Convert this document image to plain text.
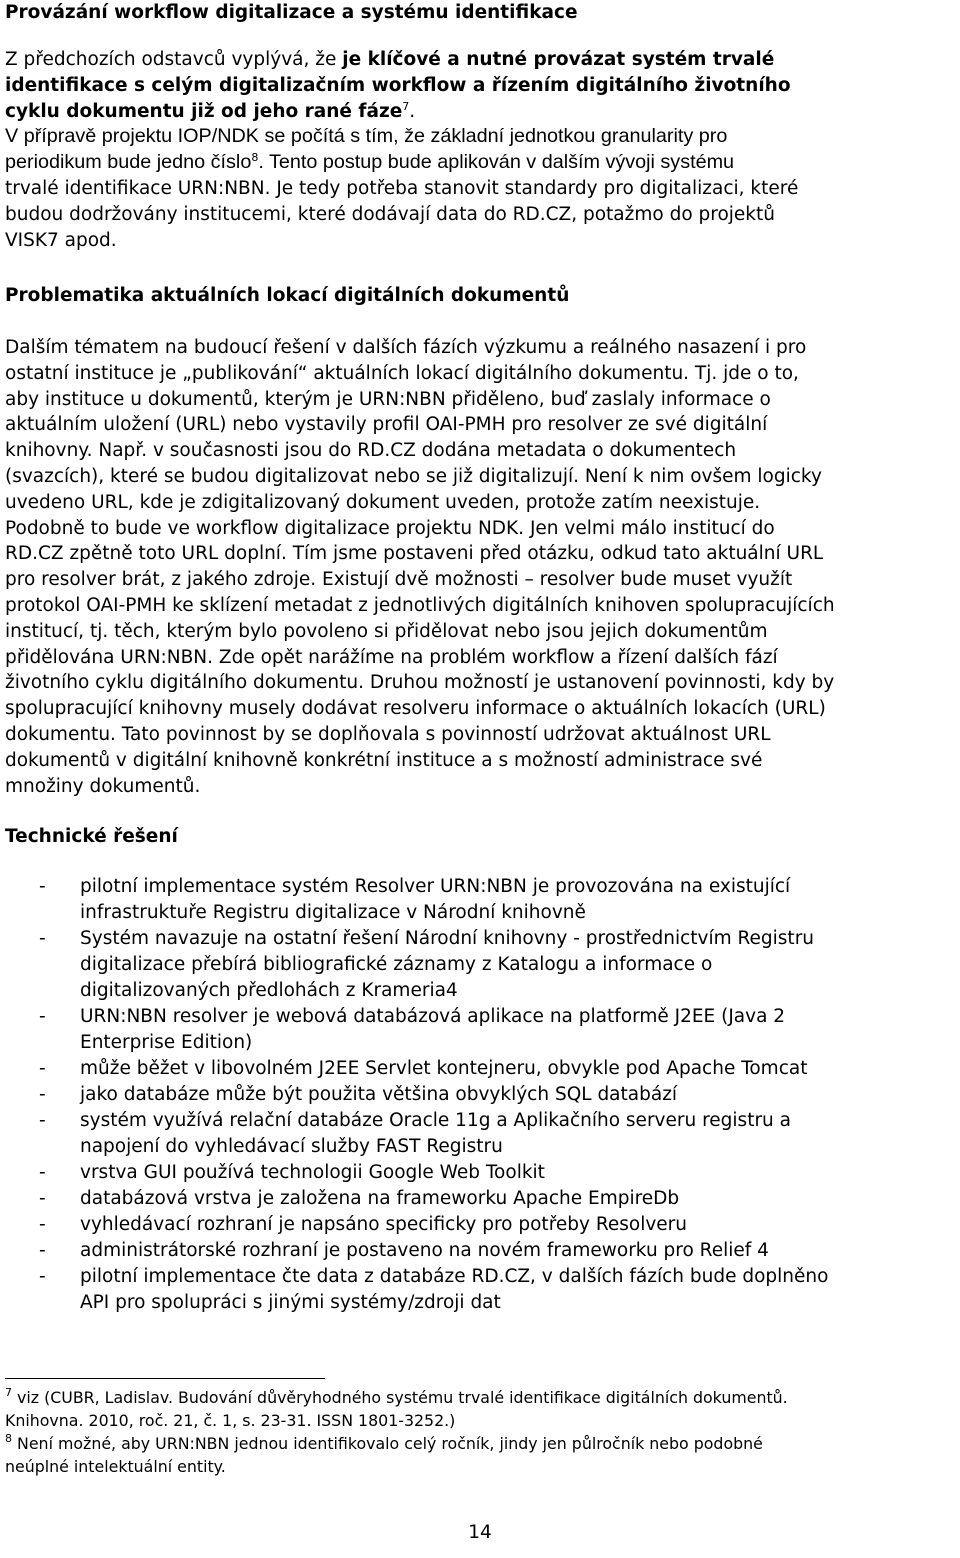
Provázání workflow digitalizace a systému identifikace
Z předchozích odstavců vyplývá, že je klíčové a nutné provázat systém trvalé
identifikace s celým digitalizačním workflow a řízením digitálního životního
cyklu dokumentu již od jeho rané fáze$^7$.
V přípravě projektu IOP/NDK se počítá s tím, že základní jednotkou granularity pro
periodikum bude jedno číslo$^8$. Tento postup bude aplikován v dalším vývoji systému
trvalé identifikace URN:NBN. Je tedy potřeba stanovit standardy pro digitalizaci, které
budou dodržovány institucemi, které dodávají data do RD.CZ, potažmo do projektů
VISK7 apod.
Problematika aktuálních lokací digitálních dokumentů
Dalším tématem na budoucí řešení v dalších fázích výzkumu a reálného nasazení i pro
ostatní instituce je „publikování“ aktuálních lokací digitálního dokumentu. Tj. jde o to,
aby instituce u dokumentů, kterým je URN:NBN přiděleno, buď zaslaly informace o
aktuálním uložení (URL) nebo vystavily profil OAI-PMH pro resolver ze své digitální
knihovny. Např. v současnosti jsou do RD.CZ dodána metadata o dokumentech
(svazcích), které se budou digitalizovat nebo se již digitalizují. Není k nim ovšem logicky
uvedeno URL, kde je zdigitalizovaný dokument uveden, protože zatím neexistuje.
Podobně to bude ve workflow digitalizace projektu NDK. Jen velmi málo institucí do
RD.CZ zpětně toto URL doplní. Tím jsme postaveni před otázku, odkud tato aktuální URL
pro resolver brát, z jakého zdroje. Existují dvě možnosti – resolver bude muset využít
protokol OAI-PMH ke sklízení metadat z jednotlivých digitálních knihoven spolupracujících
institucí, tj. těch, kterým bylo povoleno si přidělovat nebo jsou jejich dokumentům
přidělována URN:NBN. Zde opět narážíme na problém workflow a řízení dalších fází
životního cyklu digitálního dokumentu. Druhou možností je ustanovení povinnosti, kdy by
spolupracující knihovny musely dodávat resolveru informace o aktuálních lokacích (URL)
dokumentu. Tato povinnost by se doplňovala s povinností udržovat aktuálnost URL
dokumentů v digitální knihovně konkrétní instituce a s možností administrace své
množiny dokumentů.
Technické řešení
- pilotní implementace systém Resolver URN:NBN je provozována na existující
infrastruktuře Registru digitalizace v Národní knihovně
- Systém navazuje na ostatní řešení Národní knihovny - prostřednictvím Registru
digitalizace přebírá bibliografické záznamy z Katalogu a informace o
digitalizovaných předlohách z Krameria4
- URN:NBN resolver je webová databázová aplikace na platformě J2EE (Java 2
Enterprise Edition)
- může běžet v libovolném J2EE Servlet kontejneru, obvykle pod Apache Tomcat
- jako databáze může být použita většina obvyklých SQL databází
- systém využívá relační databáze Oracle 11g a Aplikačního serveru registru a
napojení do vyhledávací služby FAST Registru
- vrstva GUI používá technologii Google Web Toolkit
- databázová vrstva je založena na frameworku Apache EmpireDb
- vyhledávací rozhraní je napsáno specificky pro potřeby Resolveru
- administrátorské rozhraní je postaveno na novém frameworku pro Relief 4
- pilotní implementace čte data z databáze RD.CZ, v dalších fázích bude doplněno
API pro spolupráci s jinými systémy/zdroji dat
$^7$ viz (CUBR, Ladislav. Budování důvěryhodného systému trvalé identifikace digitálních dokumentů.
Knihovna. 2010, roč. 21, č. 1, s. 23-31. ISSN 1801-3252.)
$^8$ Není možné, aby URN:NBN jednou identifikovalo celý ročník, jindy jen půlročník nebo podobné
neúplné intelektuální entity.
14
